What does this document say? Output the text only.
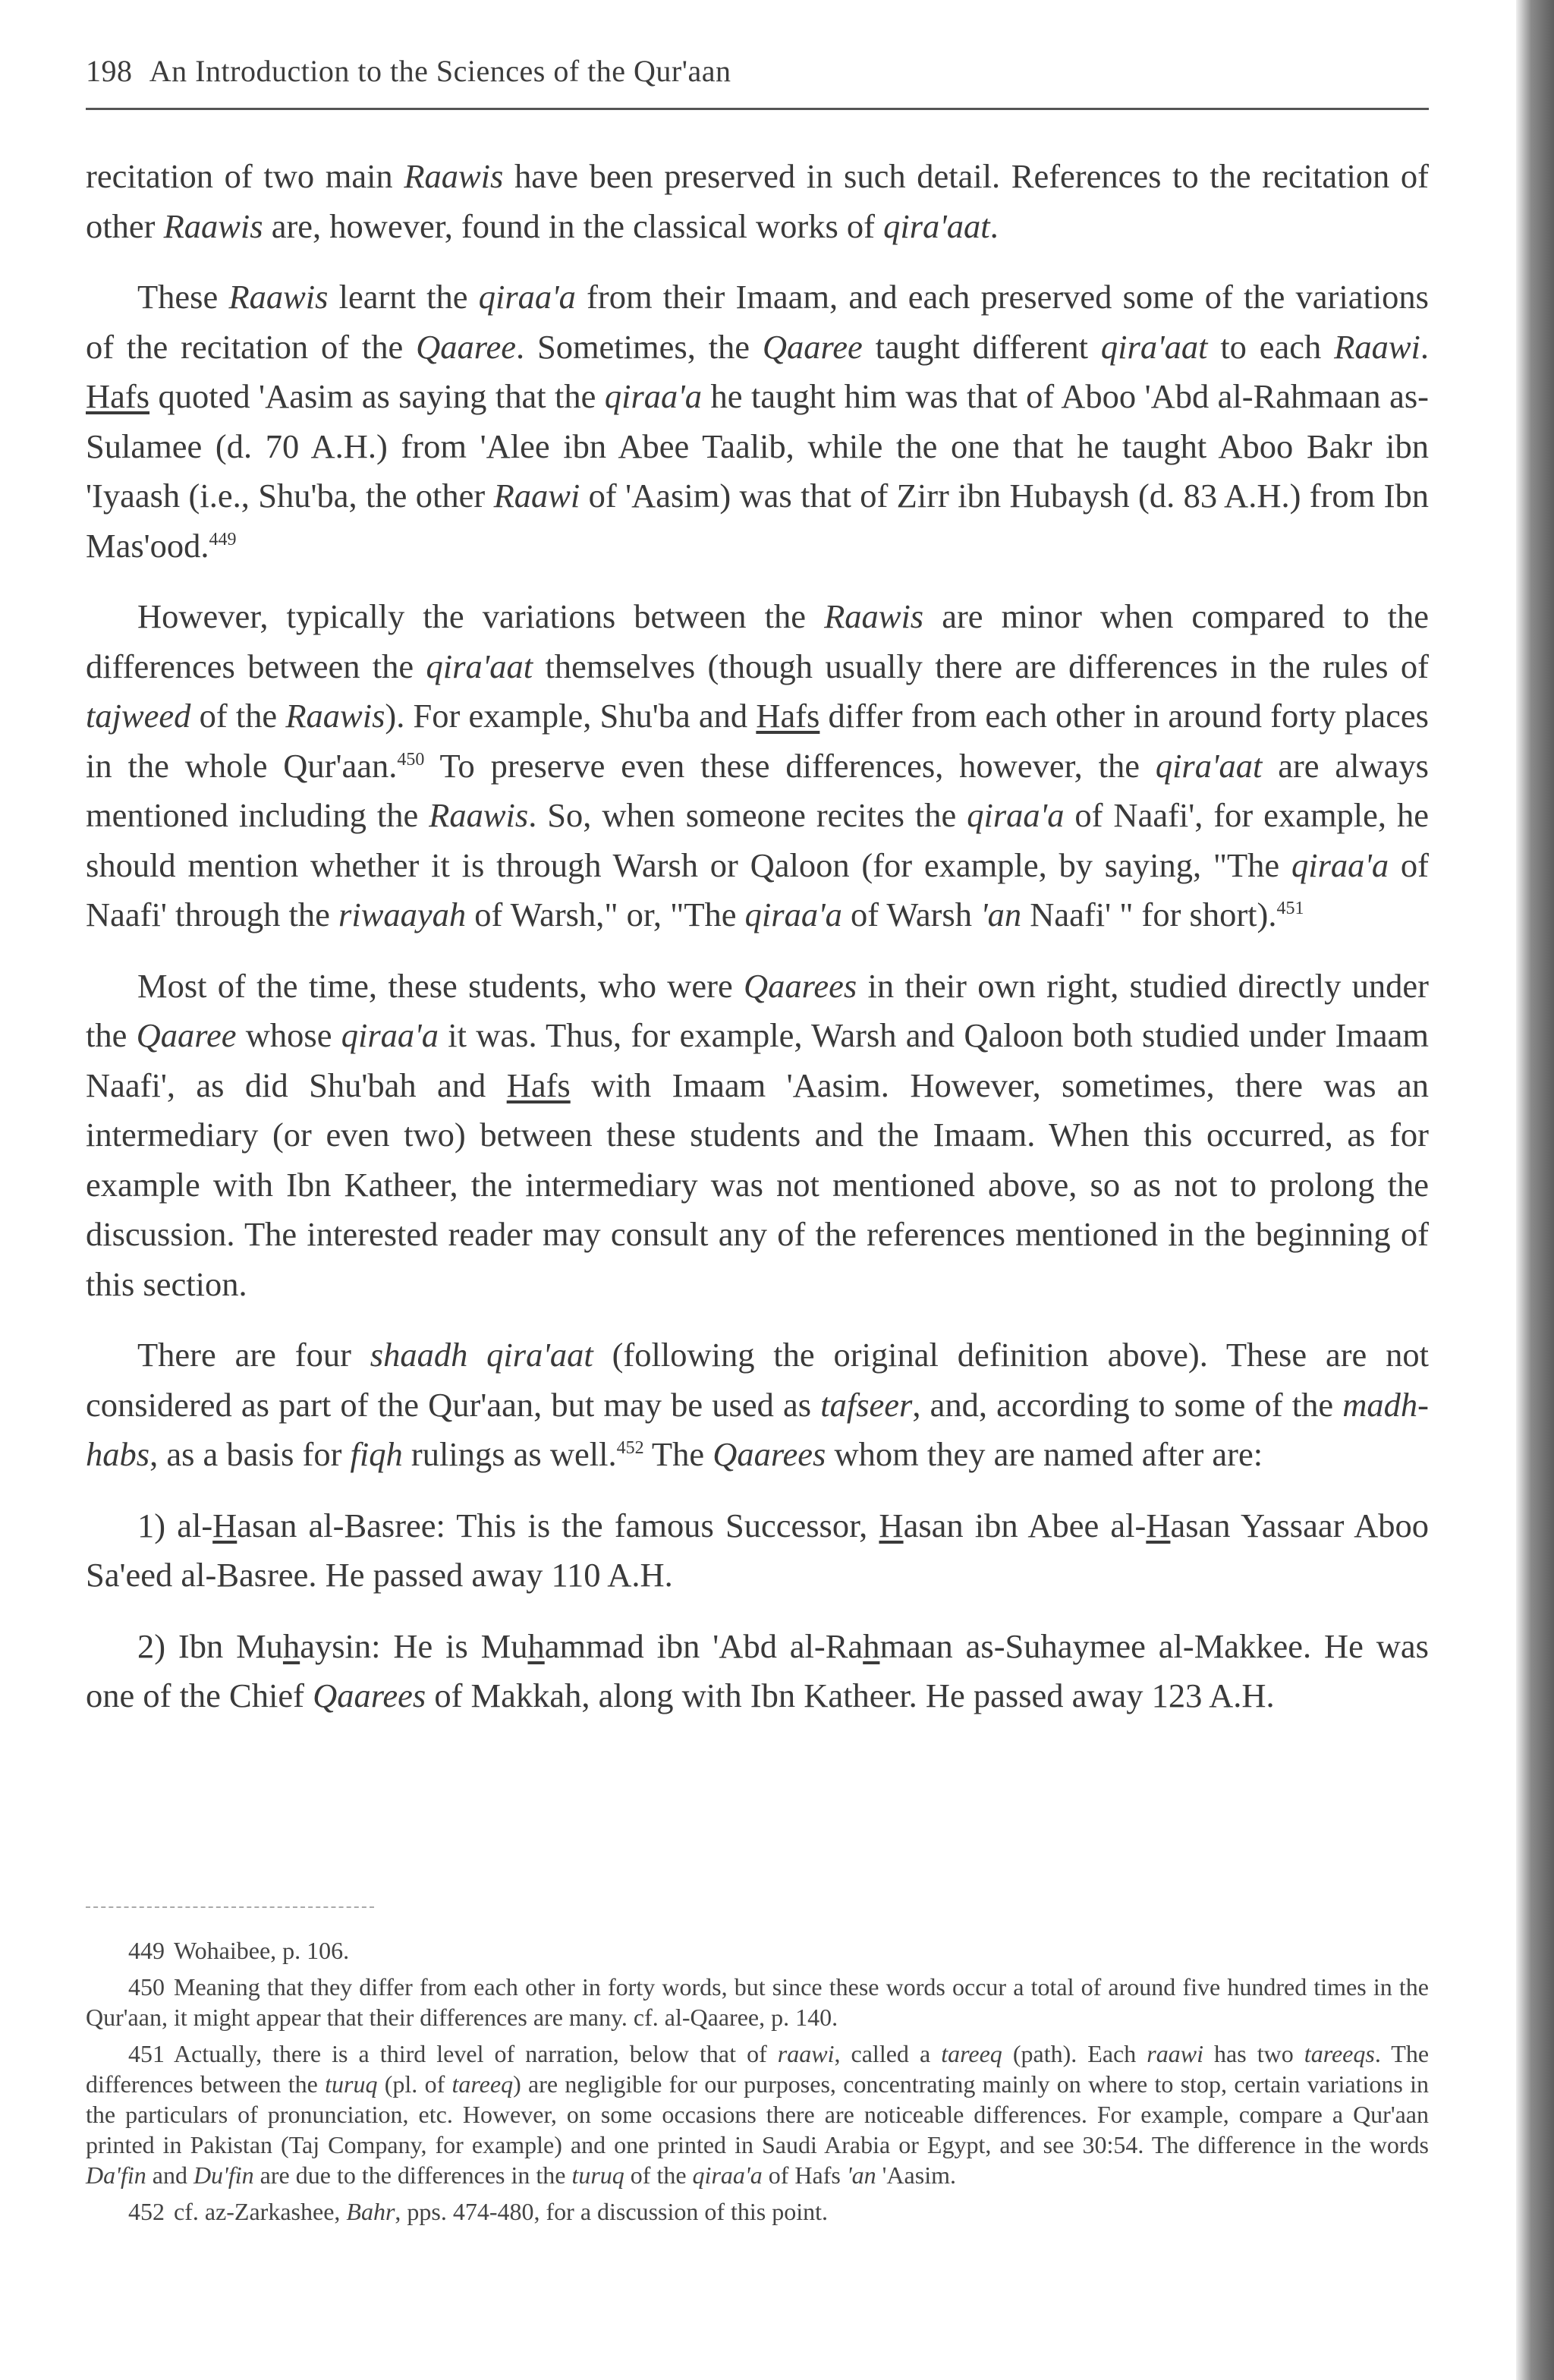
198 An Introduction to the Sciences of the Qur'aan

recitation of two main Raawis have been preserved in such detail. References to the recitation of other Raawis are, however, found in the classical works of qira'aat.

These Raawis learnt the qiraa'a from their Imaam, and each preserved some of the variations of the recitation of the Qaaree. Sometimes, the Qaaree taught different qira'aat to each Raawi. Hafs quoted 'Aasim as saying that the qiraa'a he taught him was that of Aboo 'Abd al-Rahmaan as-Sulamee (d. 70 A.H.) from 'Alee ibn Abee Taalib, while the one that he taught Aboo Bakr ibn 'Iyaash (i.e., Shu'ba, the other Raawi of 'Aasim) was that of Zirr ibn Hubaysh (d. 83 A.H.) from Ibn Mas'ood.$^{449}$

However, typically the variations between the Raawis are minor when compared to the differences between the qira'aat themselves (though usually there are differences in the rules of tajweed of the Raawis). For example, Shu'ba and Hafs differ from each other in around forty places in the whole Qur'aan.$^{450}$ To preserve even these differences, however, the qira'aat are always mentioned including the Raawis. So, when someone recites the qiraa'a of Naafi', for example, he should mention whether it is through Warsh or Qaloon (for example, by saying, "The qiraa'a of Naafi' through the riwaayah of Warsh," or, "The qiraa'a of Warsh 'an Naafi' " for short).$^{451}$

Most of the time, these students, who were Qaarees in their own right, studied directly under the Qaaree whose qiraa'a it was. Thus, for example, Warsh and Qaloon both studied under Imaam Naafi', as did Shu'bah and Hafs with Imaam 'Aasim. However, sometimes, there was an intermediary (or even two) between these students and the Imaam. When this occurred, as for example with Ibn Katheer, the intermediary was not mentioned above, so as not to prolong the discussion. The interested reader may consult any of the references mentioned in the beginning of this section.

There are four shaadh qira'aat (following the original definition above). These are not considered as part of the Qur'aan, but may be used as tafseer, and, according to some of the madh-habs, as a basis for fiqh rulings as well.$^{452}$ The Qaarees whom they are named after are:

1) al-Hasan al-Basree: This is the famous Successor, Hasan ibn Abee al-Hasan Yassaar Aboo Sa'eed al-Basree. He passed away 110 A.H.

2) Ibn Muhaysin: He is Muhammad ibn 'Abd al-Rahmaan as-Suhaymee al-Makkee. He was one of the Chief Qaarees of Makkah, along with Ibn Katheer. He passed away 123 A.H.

449 Wohaibee, p. 106.

450 Meaning that they differ from each other in forty words, but since these words occur a total of around five hundred times in the Qur'aan, it might appear that their differences are many. cf. al-Qaaree, p. 140.

451 Actually, there is a third level of narration, below that of raawi, called a tareeq (path). Each raawi has two tareeqs. The differences between the turuq (pl. of tareeq) are negligible for our purposes, concentrating mainly on where to stop, certain variations in the particulars of pronunciation, etc. However, on some occasions there are noticeable differences. For example, compare a Qur'aan printed in Pakistan (Taj Company, for example) and one printed in Saudi Arabia or Egypt, and see 30:54. The difference in the words Da'fin and Du'fin are due to the differences in the turuq of the qiraa'a of Hafs 'an 'Aasim.

452 cf. az-Zarkashee, Bahr, pps. 474-480, for a discussion of this point.
